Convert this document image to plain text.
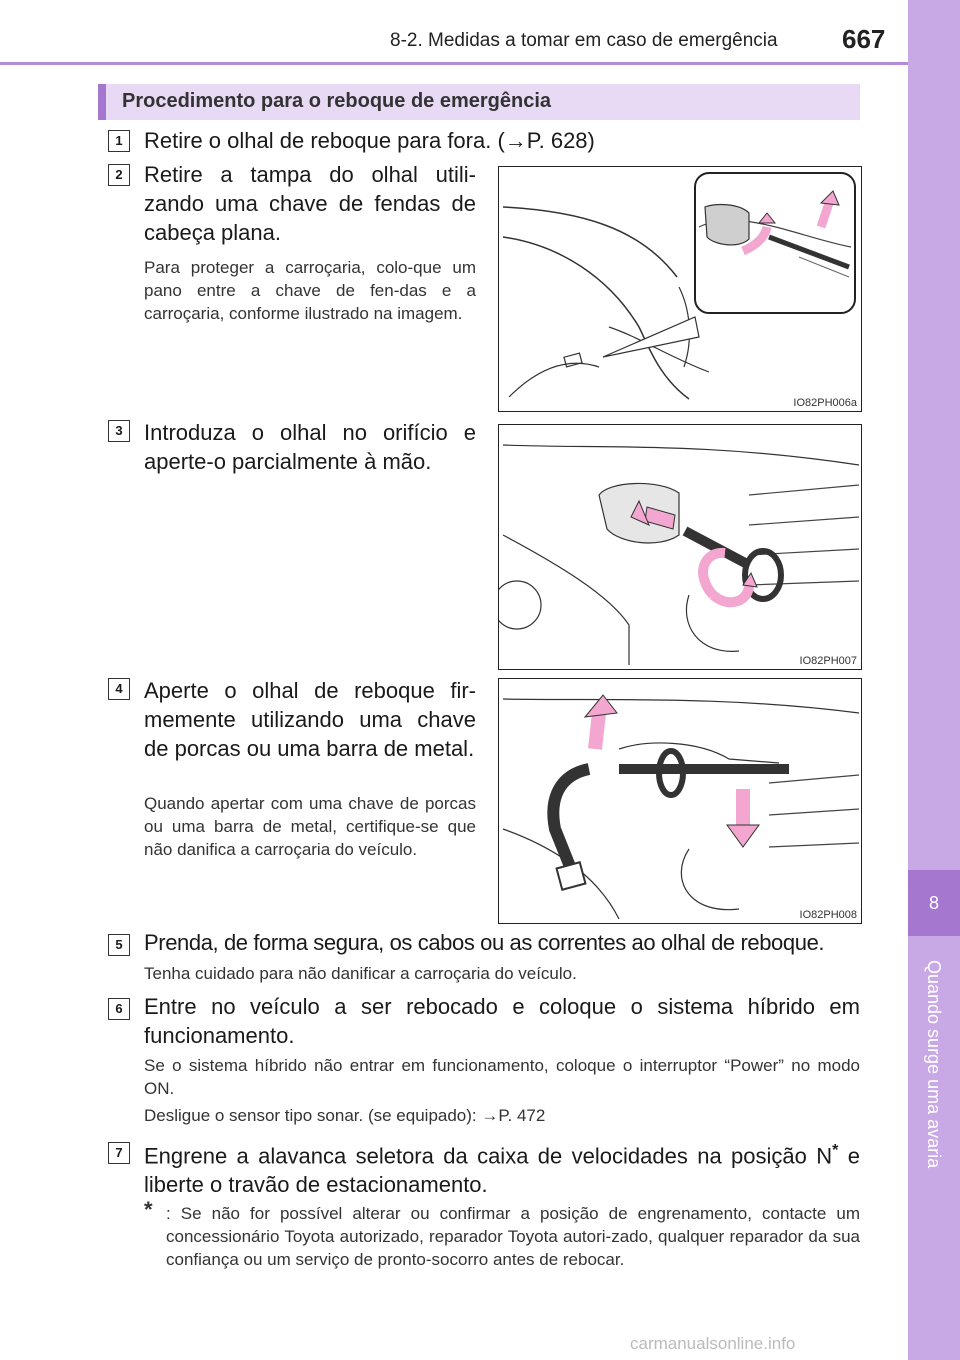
8-2. Medidas a tomar em caso de emergência 667
8
Quando surge uma avaria
Procedimento para o reboque de emergência
1 Retire o olhal de reboque para fora. (→P. 628)
2 Retire a tampa do olhal utili-zando uma chave de fendas de cabeça plana.
Para proteger a carroçaria, colo-que um pano entre a chave de fen-das e a carroçaria, conforme ilustrado na imagem.
IO82PH006a
3 Introduza o olhal no orifício e aperte-o parcialmente à mão.
IO82PH007
4 Aperte o olhal de reboque fir-memente utilizando uma chave de porcas ou uma barra de metal.
Quando apertar com uma chave de porcas ou uma barra de metal, certifique-se que não danifica a carroçaria do veículo.
IO82PH008
5 Prenda, de forma segura, os cabos ou as correntes ao olhal de reboque.
Tenha cuidado para não danificar a carroçaria do veículo.
6 Entre no veículo a ser rebocado e coloque o sistema híbrido em funcionamento.
Se o sistema híbrido não entrar em funcionamento, coloque o interruptor “Power” no modo ON.
Desligue o sensor tipo sonar. (se equipado): →P. 472
7 Engrene a alavanca seletora da caixa de velocidades na posição N* e liberte o travão de estacionamento.
* : Se não for possível alterar ou confirmar a posição de engrenamento, contacte um concessionário Toyota autorizado, reparador Toyota autori-zado, qualquer reparador da sua confiança ou um serviço de pronto-socorro antes de rebocar.
carmanualsonline.info
